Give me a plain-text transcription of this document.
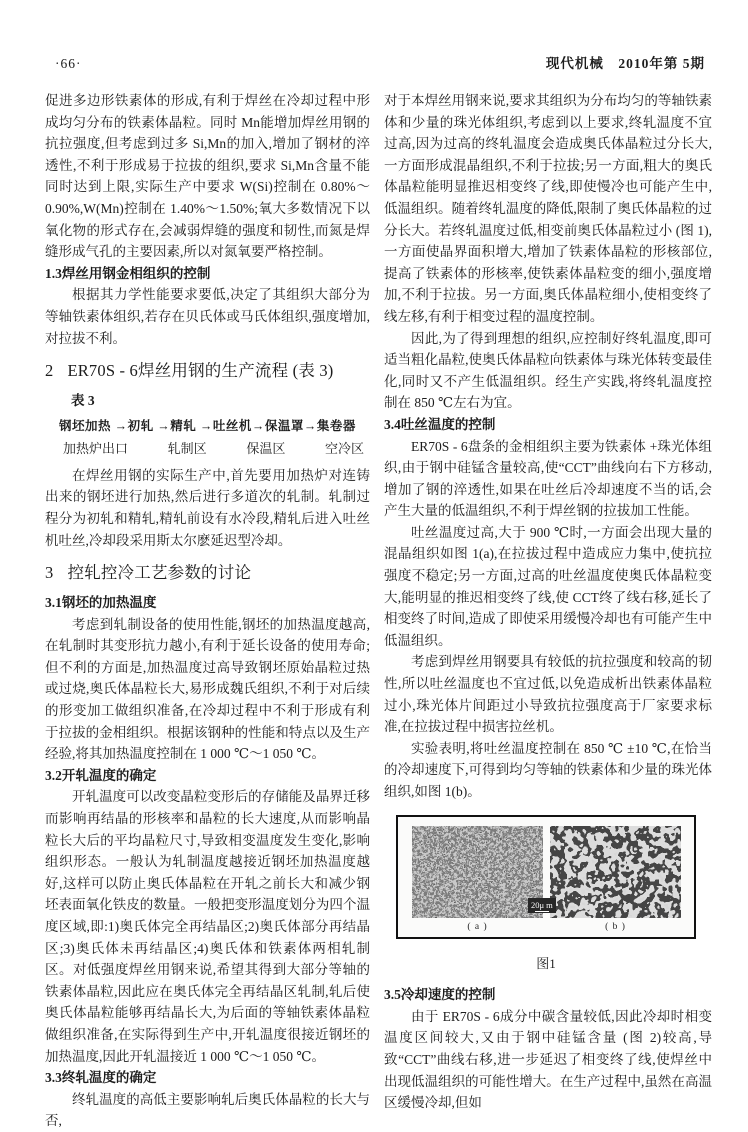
·66·	现代机械　2010年第 5期

促进多边形铁素体的形成,有利于焊丝在冷却过程中形成均匀分布的铁素体晶粒。同时 Mn能增加焊丝用钢的抗拉强度,但考虑到过多 Si,Mn的加入,增加了钢材的淬透性,不利于形成易于拉拔的组织,要求 Si,Mn含量不能同时达到上限,实际生产中要求 W(Si)控制在 0.80%～0.90%,W(Mn)控制在 1.40%～1.50%;氧大多数情况下以氧化物的形式存在,会减弱焊缝的强度和韧性,而氮是焊缝形成气孔的主要因素,所以对氮氧要严格控制。

1.3焊丝用钢金相组织的控制

根据其力学性能要求要低,决定了其组织大部分为等轴铁素体组织,若存在贝氏体或马氏体组织,强度增加,对拉拔不利。

2 ER70S - 6焊丝用钢的生产流程 (表 3)
表 3
钢坯加热 →初轧 →精轧 →吐丝机→保温罩→集卷器
加热炉出口	轧制区	保温区	空冷区

在焊丝用钢的实际生产中,首先要用加热炉对连铸出来的钢坯进行加热,然后进行多道次的轧制。轧制过程分为初轧和精轧,精轧前设有水冷段,精轧后进入吐丝机吐丝,冷却段采用斯太尔麽延迟型冷却。

3 控轧控冷工艺参数的讨论

3.1钢坯的加热温度

考虑到轧制设备的使用性能,钢坯的加热温度越高,在轧制时其变形抗力越小,有利于延长设备的使用寿命;但不利的方面是,加热温度过高导致钢坯原始晶粒过热或过烧,奥氏体晶粒长大,易形成魏氏组织,不利于对后续的形变加工做组织准备,在冷却过程中不利于形成有利于拉拔的金相组织。根据该钢种的性能和特点以及生产经验,将其加热温度控制在 1 000 ℃～1 050 ℃。

3.2开轧温度的确定

开轧温度可以改变晶粒变形后的存储能及晶界迁移而影响再结晶的形核率和晶粒的长大速度,从而影响晶粒长大后的平均晶粒尺寸,导致相变温度发生变化,影响组织形态。一般认为轧制温度越接近钢坯加热温度越好,这样可以防止奥氏体晶粒在开轧之前长大和减少钢坯表面氧化铁皮的数量。一般把变形温度划分为四个温度区域,即:1)奥氏体完全再结晶区;2)奥氏体部分再结晶区;3)奥氏体未再结晶区;4)奥氏体和铁素体两相轧制区。对低强度焊丝用钢来说,希望其得到大部分等轴的铁素体晶粒,因此应在奥氏体完全再结晶区轧制,轧后使奥氏体晶粒能够再结晶长大,为后面的等轴铁素体晶粒做组织准备,在实际得到生产中,开轧温度很接近钢坯的加热温度,因此开轧温接近 1 000 ℃～1 050 ℃。

3.3终轧温度的确定

终轧温度的高低主要影响轧后奥氏体晶粒的长大与否,

对于本焊丝用钢来说,要求其组织为分布均匀的等轴铁素体和少量的珠光体组织,考虑到以上要求,终轧温度不宜过高,因为过高的终轧温度会造成奥氏体晶粒过分长大,一方面形成混晶组织,不利于拉拔;另一方面,粗大的奥氏体晶粒能明显推迟相变终了线,即使慢冷也可能产生中,低温组织。随着终轧温度的降低,限制了奥氏体晶粒的过分长大。若终轧温度过低,相变前奥氏体晶粒过小 (图 1),一方面使晶界面积增大,增加了铁素体晶粒的形核部位,提高了铁素体的形核率,使铁素体晶粒变的细小,强度增加,不利于拉拔。另一方面,奥氏体晶粒细小,使相变终了线左移,有利于相变过程的温度控制。

因此,为了得到理想的组织,应控制好终轧温度,即可适当粗化晶粒,使奥氏体晶粒向铁素体与珠光体转变最佳化,同时又不产生低温组织。经生产实践,将终轧温度控制在 850 ℃左右为宜。

3.4吐丝温度的控制

ER70S - 6盘条的金相组织主要为铁素体 +珠光体组织,由于钢中硅锰含量较高,使“CCT”曲线向右下方移动,增加了钢的淬透性,如果在吐丝后冷却速度不当的话,会产生大量的低温组织,不利于焊丝钢的拉拔加工性能。

吐丝温度过高,大于 900 ℃时,一方面会出现大量的混晶组织如图 1(a),在拉拔过程中造成应力集中,使抗拉强度不稳定;另一方面,过高的吐丝温度使奥氏体晶粒变大,能明显的推迟相变终了线,使 CCT终了线右移,延长了相变终了时间,造成了即使采用缓慢冷却也有可能产生中低温组织。

考虑到焊丝用钢要具有较低的抗拉强度和较高的韧性,所以吐丝温度也不宜过低,以免造成析出铁素体晶粒过小,珠光体片间距过小导致抗拉强度高于厂家要求标准,在拉拔过程中损害拉丝机。

实验表明,将吐丝温度控制在 850 ℃ ±10 ℃,在恰当的冷却速度下,可得到均匀等轴的铁素体和少量的珠光体组织,如图 1(b)。

( a )	( b )
20μ m
图1

3.5冷却速度的控制

由于 ER70S - 6成分中碳含量较低,因此冷却时相变温度区间较大,又由于钢中硅锰含量 (图 2)较高,导致“CCT”曲线右移,进一步延迟了相变终了线,使焊丝中出现低温组织的可能性增大。在生产过程中,虽然在高温区缓慢冷却,但如
